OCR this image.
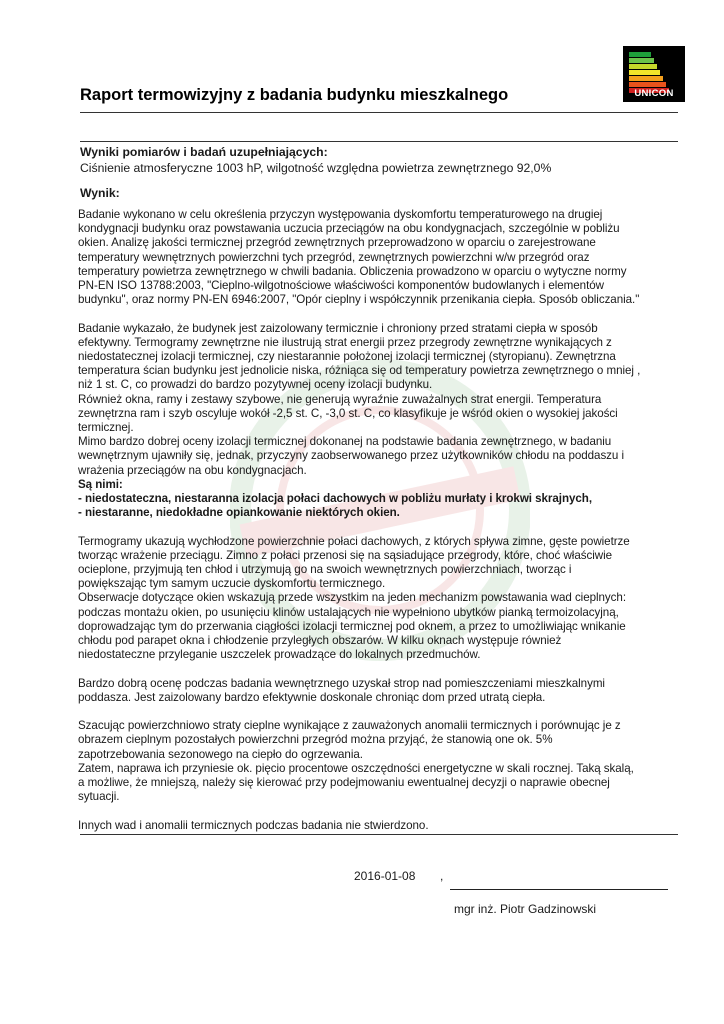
UNICON
Raport termowizyjny z badania budynku mieszkalnego

Wyniki pomiarów i badań uzupełniających:

Ciśnienie atmosferyczne 1003 hP, wilgotność względna powietrza zewnętrznego 92,0%

Wynik:

Badanie wykonano w celu określenia przyczyn występowania dyskomfortu temperaturowego na drugiej
kondygnacji budynku oraz powstawania uczucia przeciągów na obu kondygnacjach, szczególnie w pobliżu
okien. Analizę jakości termicznej przegród zewnętrznych przeprowadzono w oparciu o zarejestrowane
temperatury wewnętrznych powierzchni tych przegród, zewnętrznych powierzchni w/w przegród oraz
temperatury powietrza zewnętrznego w chwili badania. Obliczenia prowadzono w oparciu o wytyczne normy
PN-EN ISO 13788:2003, "Cieplno-wilgotnościowe właściwości komponentów budowlanych i elementów
budynku", oraz normy PN-EN 6946:2007, "Opór cieplny i współczynnik przenikania ciepła. Sposób obliczania."

Badanie wykazało, że budynek jest zaizolowany termicznie i chroniony przed stratami ciepła w sposób
efektywny. Termogramy zewnętrzne nie ilustrują strat energii przez przegrody zewnętrzne wynikających z
niedostatecznej izolacji termicznej, czy niestarannie położonej izolacji termicznej (styropianu). Zewnętrzna
temperatura ścian budynku jest jednolicie niska, różniąca się od temperatury powietrza zewnętrznego o mniej ,
niż 1 st. C, co prowadzi do bardzo pozytywnej oceny izolacji budynku.
Również okna, ramy i zestawy szybowe, nie generują wyraźnie zuważalnych strat energii. Temperatura
zewnętrzna ram i szyb oscyluje wokół -2,5 st. C, -3,0 st. C, co klasyfikuje je wśród okien o wysokiej jakości
termicznej.
Mimo bardzo dobrej oceny izolacji termicznej dokonanej na podstawie badania zewnętrznego, w badaniu
wewnętrznym ujawniły się, jednak, przyczyny zaobserwowanego przez użytkowników chłodu na poddaszu i
wrażenia przeciągów na obu kondygnacjach.
Są nimi:
- niedostateczna, niestaranna izolacja połaci dachowych w pobliżu murłaty i krokwi skrajnych,
- niestaranne, niedokładne opiankowanie niektórych okien.

Termogramy ukazują wychłodzone powierzchnie połaci dachowych, z których spływa zimne, gęste powietrze
tworząc wrażenie przeciągu. Zimno z połaci przenosi się na sąsiadujące przegrody, które, choć właściwie
ocieplone, przyjmują ten chłod i utrzymują go na swoich wewnętrznych powierzchniach, tworząc i
powiększając tym samym uczucie dyskomfortu termicznego.
Obserwacje dotyczące okien wskazują przede wszystkim na jeden mechanizm powstawania wad cieplnych:
podczas montażu okien, po usunięciu klinów ustalających nie wypełniono ubytków pianką termoizolacyjną,
doprowadzając tym do przerwania ciągłości izolacji termicznej pod oknem, a przez to umożliwiając wnikanie
chłodu pod parapet okna i chłodzenie przyległych obszarów. W kilku oknach występuje również
niedostateczne przyleganie uszczelek prowadzące do lokalnych przedmuchów.

Bardzo dobrą ocenę podczas badania wewnętrznego uzyskał strop nad pomieszczeniami mieszkalnymi
poddasza. Jest zaizolowany bardzo efektywnie doskonale chroniąc dom przed utratą ciepła.

Szacując powierzchniowo straty cieplne wynikające z zauważonych anomalii termicznych i porównując je z
obrazem cieplnym pozostałych powierzchni przegród można przyjąć, że stanowią one ok. 5%
zapotrzebowania sezonowego na ciepło do ogrzewania.
Zatem, naprawa ich przyniesie ok. pięcio procentowe oszczędności energetyczne w skali rocznej. Taką skalą,
a możliwe, że mniejszą, należy się kierować przy podejmowaniu ewentualnej decyzji o naprawie obecnej
sytuacji.

Innych wad i anomalii termicznych podczas badania nie stwierdzono.

2016-01-08 ,
mgr inż. Piotr Gadzinowski
